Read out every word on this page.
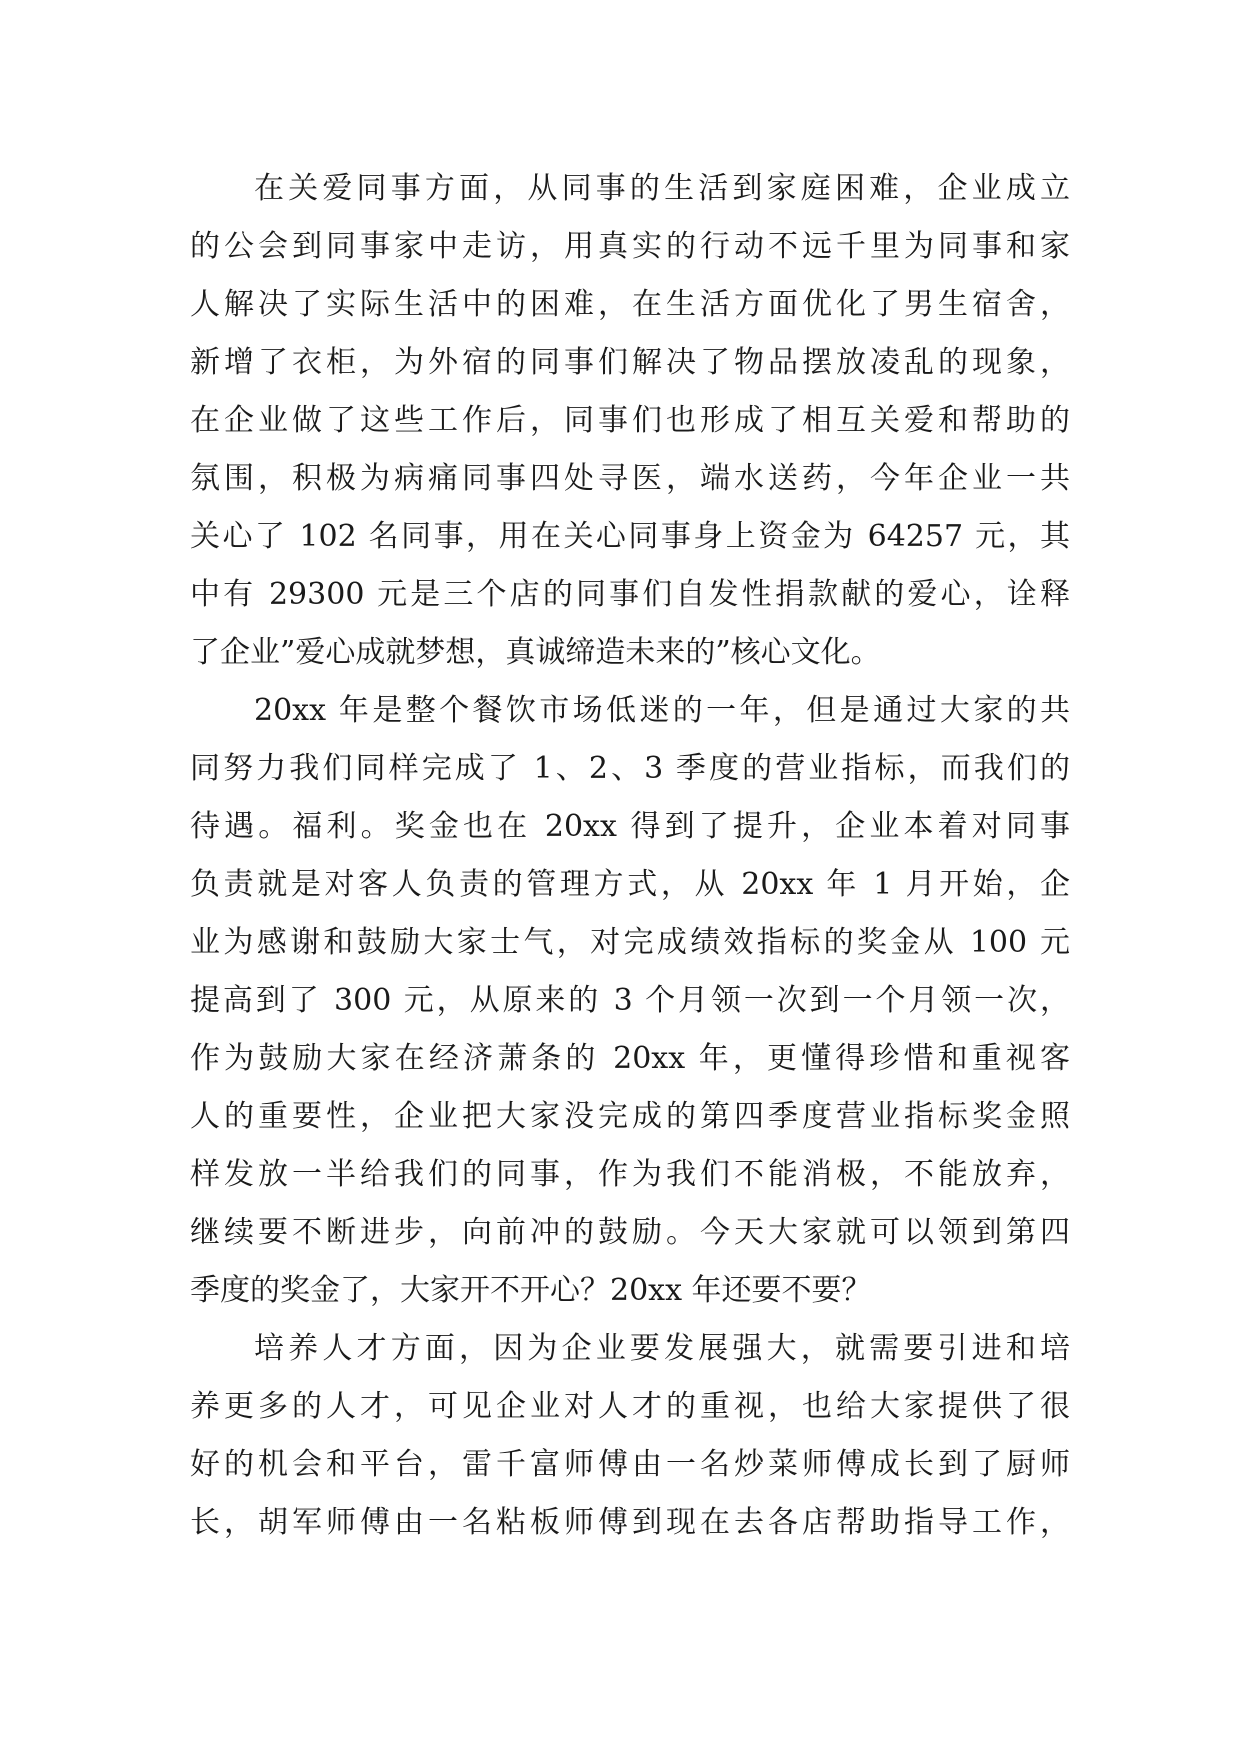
在关爱同事方面，从同事的生活到家庭困难，企业成立
的公会到同事家中走访，用真实的行动不远千里为同事和家
人解决了实际生活中的困难，在生活方面优化了男生宿舍，
新增了衣柜，为外宿的同事们解决了物品摆放凌乱的现象，
在企业做了这些工作后，同事们也形成了相互关爱和帮助的
氛围，积极为病痛同事四处寻医，端水送药，今年企业一共
关心了 102 名同事，用在关心同事身上资金为 64257 元，其
中有 29300 元是三个店的同事们自发性捐款献的爱心，诠释
了企业”爱心成就梦想，真诚缔造未来的”核心文化。
20xx 年是整个餐饮市场低迷的一年，但是通过大家的共
同努力我们同样完成了 1、2、3 季度的营业指标，而我们的
待遇。福利。奖金也在 20xx 得到了提升，企业本着对同事
负责就是对客人负责的管理方式，从 20xx 年 1 月开始，企
业为感谢和鼓励大家士气，对完成绩效指标的奖金从 100 元
提高到了 300 元，从原来的 3 个月领一次到一个月领一次，
作为鼓励大家在经济萧条的 20xx 年，更懂得珍惜和重视客
人的重要性，企业把大家没完成的第四季度营业指标奖金照
样发放一半给我们的同事，作为我们不能消极，不能放弃，
继续要不断进步，向前冲的鼓励。今天大家就可以领到第四
季度的奖金了，大家开不开心？20xx 年还要不要？
培养人才方面，因为企业要发展强大，就需要引进和培
养更多的人才，可见企业对人才的重视，也给大家提供了很
好的机会和平台，雷千富师傅由一名炒菜师傅成长到了厨师
长，胡军师傅由一名粘板师傅到现在去各店帮助指导工作，
